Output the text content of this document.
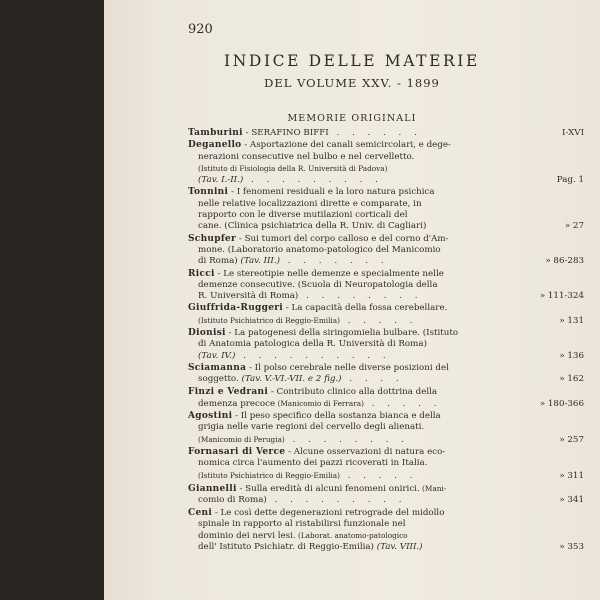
920
INDICE DELLE MATERIE
DEL VOLUME XXV. - 1899
MEMORIE ORIGINALI
Tamburini - SERAFINO BIFFI . . . . . .	I-XVI
Deganello - Asportazione dei canali semicircolari, e dege-
nerazioni consecutive nel bulbo e nel cervelletto.
(Istituto di Fisiologia della R. Università di Padova)
(Tav. I.-II.) . . . . . . . . .	Pag. 1
Tonnini - I fenomeni residuali e la loro natura psichica
nelle relative localizzazioni dirette e comparate, in
rapporto con le diverse mutilazioni corticali del
cane. (Clinica psichiatrica della R. Univ. di Cagliari)	» 27
Schupfer - Sui tumori del corpo calloso e del corno d'Am-
mone. (Laboratorio anatomo-patologico del Manicomio
di Roma) (Tav. III.) . . . . . . .	» 86-283
Ricci - Le stereotipie nelle demenze e specialmente nelle
demenze consecutive. (Scuola di Neuropatologia della
R. Università di Roma) . . . . . . . .	» 111-324
Giuffrida-Ruggeri - La capacità della fossa cerebellare.
(Istituto Psichiatrico di Reggio-Emilia) . . . . .	» 131
Dionisi - La patogenesi della siringomielia bulbare. (Istituto
di Anatomia patologica della R. Università di Roma)
(Tav. IV.) . . . . . . . . . .	» 136
Sciamanna - Il polso cerebrale nelle diverse posizioni del
soggetto. (Tav. V.-VI.-VII. e 2 fig.) . . . .	» 162
Finzi e Vedrani - Contributo clinico alla dottrina della
demenza precoce (Manicomio di Ferrara) . . . . .	» 180-366
Agostini - Il peso specifico della sostanza bianca e della
grigia nelle varie regioni del cervello degli alienati.
(Manicomio di Perugia) . . . . . . . .	» 257
Fornasari di Verce - Alcune osservazioni di natura eco-
nomica circa l'aumento dei pazzi ricoverati in Italia.
(Istituto Psichiatrico di Reggio-Emilia) . . . . .	» 311
Giannelli - Sulla eredità di alcuni fenomeni onirici. (Mani-
comio di Roma) . . . . . . . . .	» 341
Ceni - Le così dette degenerazioni retrograde del midollo
spinale in rapporto al ristabilirsi funzionale nel
dominio dei nervi lesi. (Laborat. anatomo-patologico
dell' Istituto Psichiatr. di Reggio-Emilia) (Tav. VIII.)	» 353
